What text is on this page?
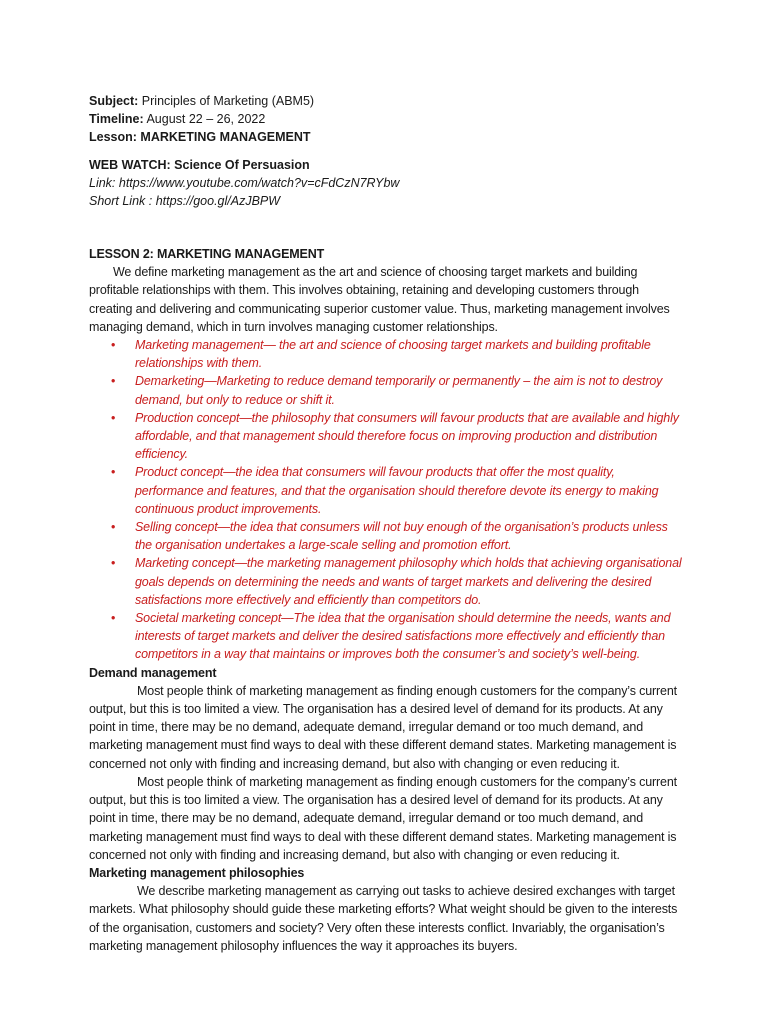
Subject: Principles of Marketing (ABM5)
Timeline: August 22 – 26, 2022
Lesson: MARKETING MANAGEMENT
WEB WATCH: Science Of Persuasion
Link: https://www.youtube.com/watch?v=cFdCzN7RYbw
Short Link : https://goo.gl/AzJBPW
LESSON 2: MARKETING MANAGEMENT

We define marketing management as the art and science of choosing target markets and building profitable relationships with them. This involves obtaining, retaining and developing customers through creating and delivering and communicating superior customer value. Thus, marketing management involves managing demand, which in turn involves managing customer relationships.

• Marketing management— the art and science of choosing target markets and building profitable relationships with them.
• Demarketing—Marketing to reduce demand temporarily or permanently – the aim is not to destroy demand, but only to reduce or shift it.
• Production concept—the philosophy that consumers will favour products that are available and highly affordable, and that management should therefore focus on improving production and distribution efficiency.
• Product concept—the idea that consumers will favour products that offer the most quality, performance and features, and that the organisation should therefore devote its energy to making continuous product improvements.
• Selling concept—the idea that consumers will not buy enough of the organisation’s products unless the organisation undertakes a large-scale selling and promotion effort.
• Marketing concept—the marketing management philosophy which holds that achieving organisational goals depends on determining the needs and wants of target markets and delivering the desired satisfactions more effectively and efficiently than competitors do.
• Societal marketing concept—The idea that the organisation should determine the needs, wants and interests of target markets and deliver the desired satisfactions more effectively and efficiently than competitors in a way that maintains or improves both the consumer’s and society’s well-being.
Demand management

Most people think of marketing management as finding enough customers for the company’s current output, but this is too limited a view. The organisation has a desired level of demand for its products. At any point in time, there may be no demand, adequate demand, irregular demand or too much demand, and marketing management must find ways to deal with these different demand states. Marketing management is concerned not only with finding and increasing demand, but also with changing or even reducing it.

Most people think of marketing management as finding enough customers for the company’s current output, but this is too limited a view. The organisation has a desired level of demand for its products. At any point in time, there may be no demand, adequate demand, irregular demand or too much demand, and marketing management must find ways to deal with these different demand states. Marketing management is concerned not only with finding and increasing demand, but also with changing or even reducing it.

Marketing management philosophies

We describe marketing management as carrying out tasks to achieve desired exchanges with target markets. What philosophy should guide these marketing efforts? What weight should be given to the interests of the organisation, customers and society? Very often these interests conflict. Invariably, the organisation’s marketing management philosophy influences the way it approaches its buyers.
